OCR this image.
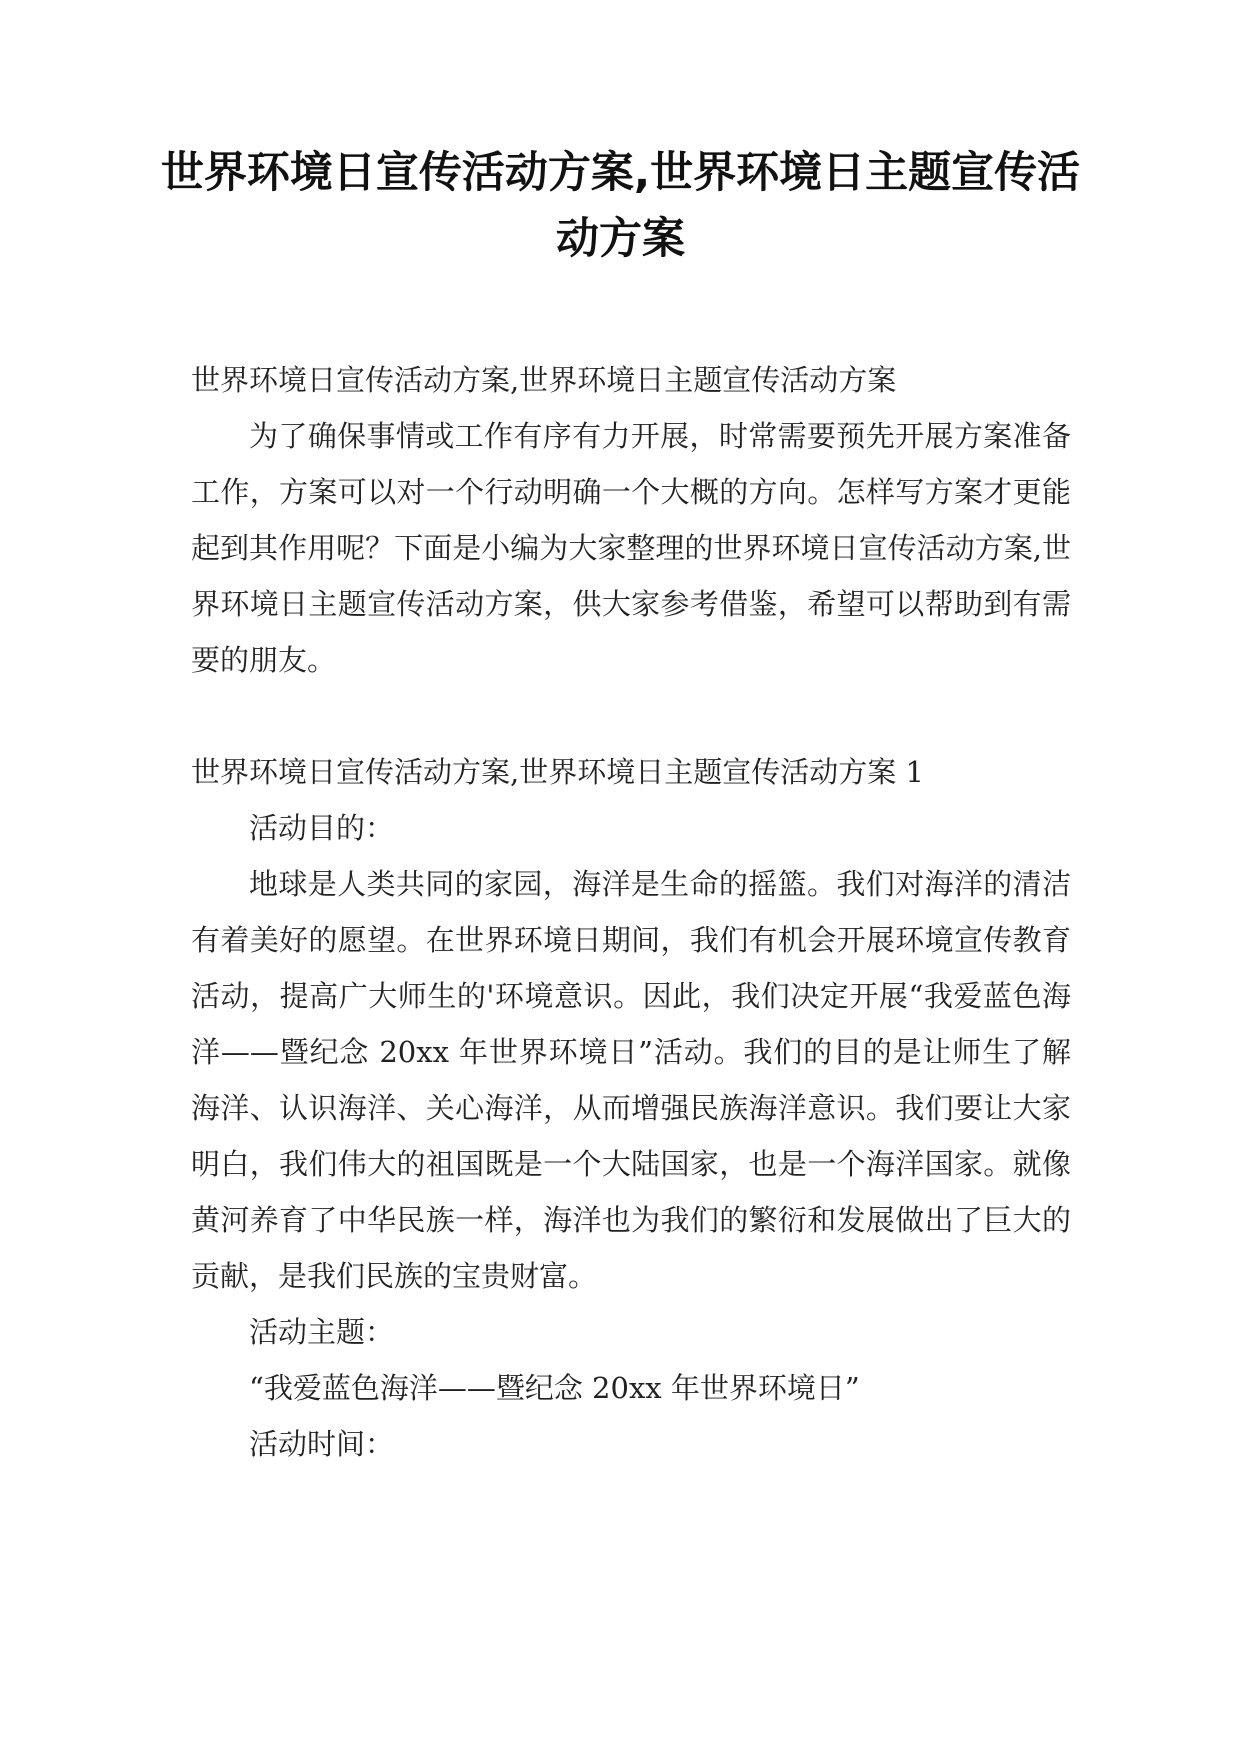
世界环境日宣传活动方案,世界环境日主题宣传活动方案

世界环境日宣传活动方案,世界环境日主题宣传活动方案

为了确保事情或工作有序有力开展，时常需要预先开展方案准备工作，方案可以对一个行动明确一个大概的方向。怎样写方案才更能起到其作用呢？下面是小编为大家整理的世界环境日宣传活动方案,世界环境日主题宣传活动方案，供大家参考借鉴，希望可以帮助到有需要的朋友。

世界环境日宣传活动方案,世界环境日主题宣传活动方案 1

活动目的：

地球是人类共同的家园，海洋是生命的摇篮。我们对海洋的清洁有着美好的愿望。在世界环境日期间，我们有机会开展环境宣传教育活动，提高广大师生的'环境意识。因此，我们决定开展“我爱蓝色海洋——暨纪念 20xx 年世界环境日”活动。我们的目的是让师生了解海洋、认识海洋、关心海洋，从而增强民族海洋意识。我们要让大家明白，我们伟大的祖国既是一个大陆国家，也是一个海洋国家。就像黄河养育了中华民族一样，海洋也为我们的繁衍和发展做出了巨大的贡献，是我们民族的宝贵财富。

活动主题：

“我爱蓝色海洋——暨纪念 20xx 年世界环境日”

活动时间：
